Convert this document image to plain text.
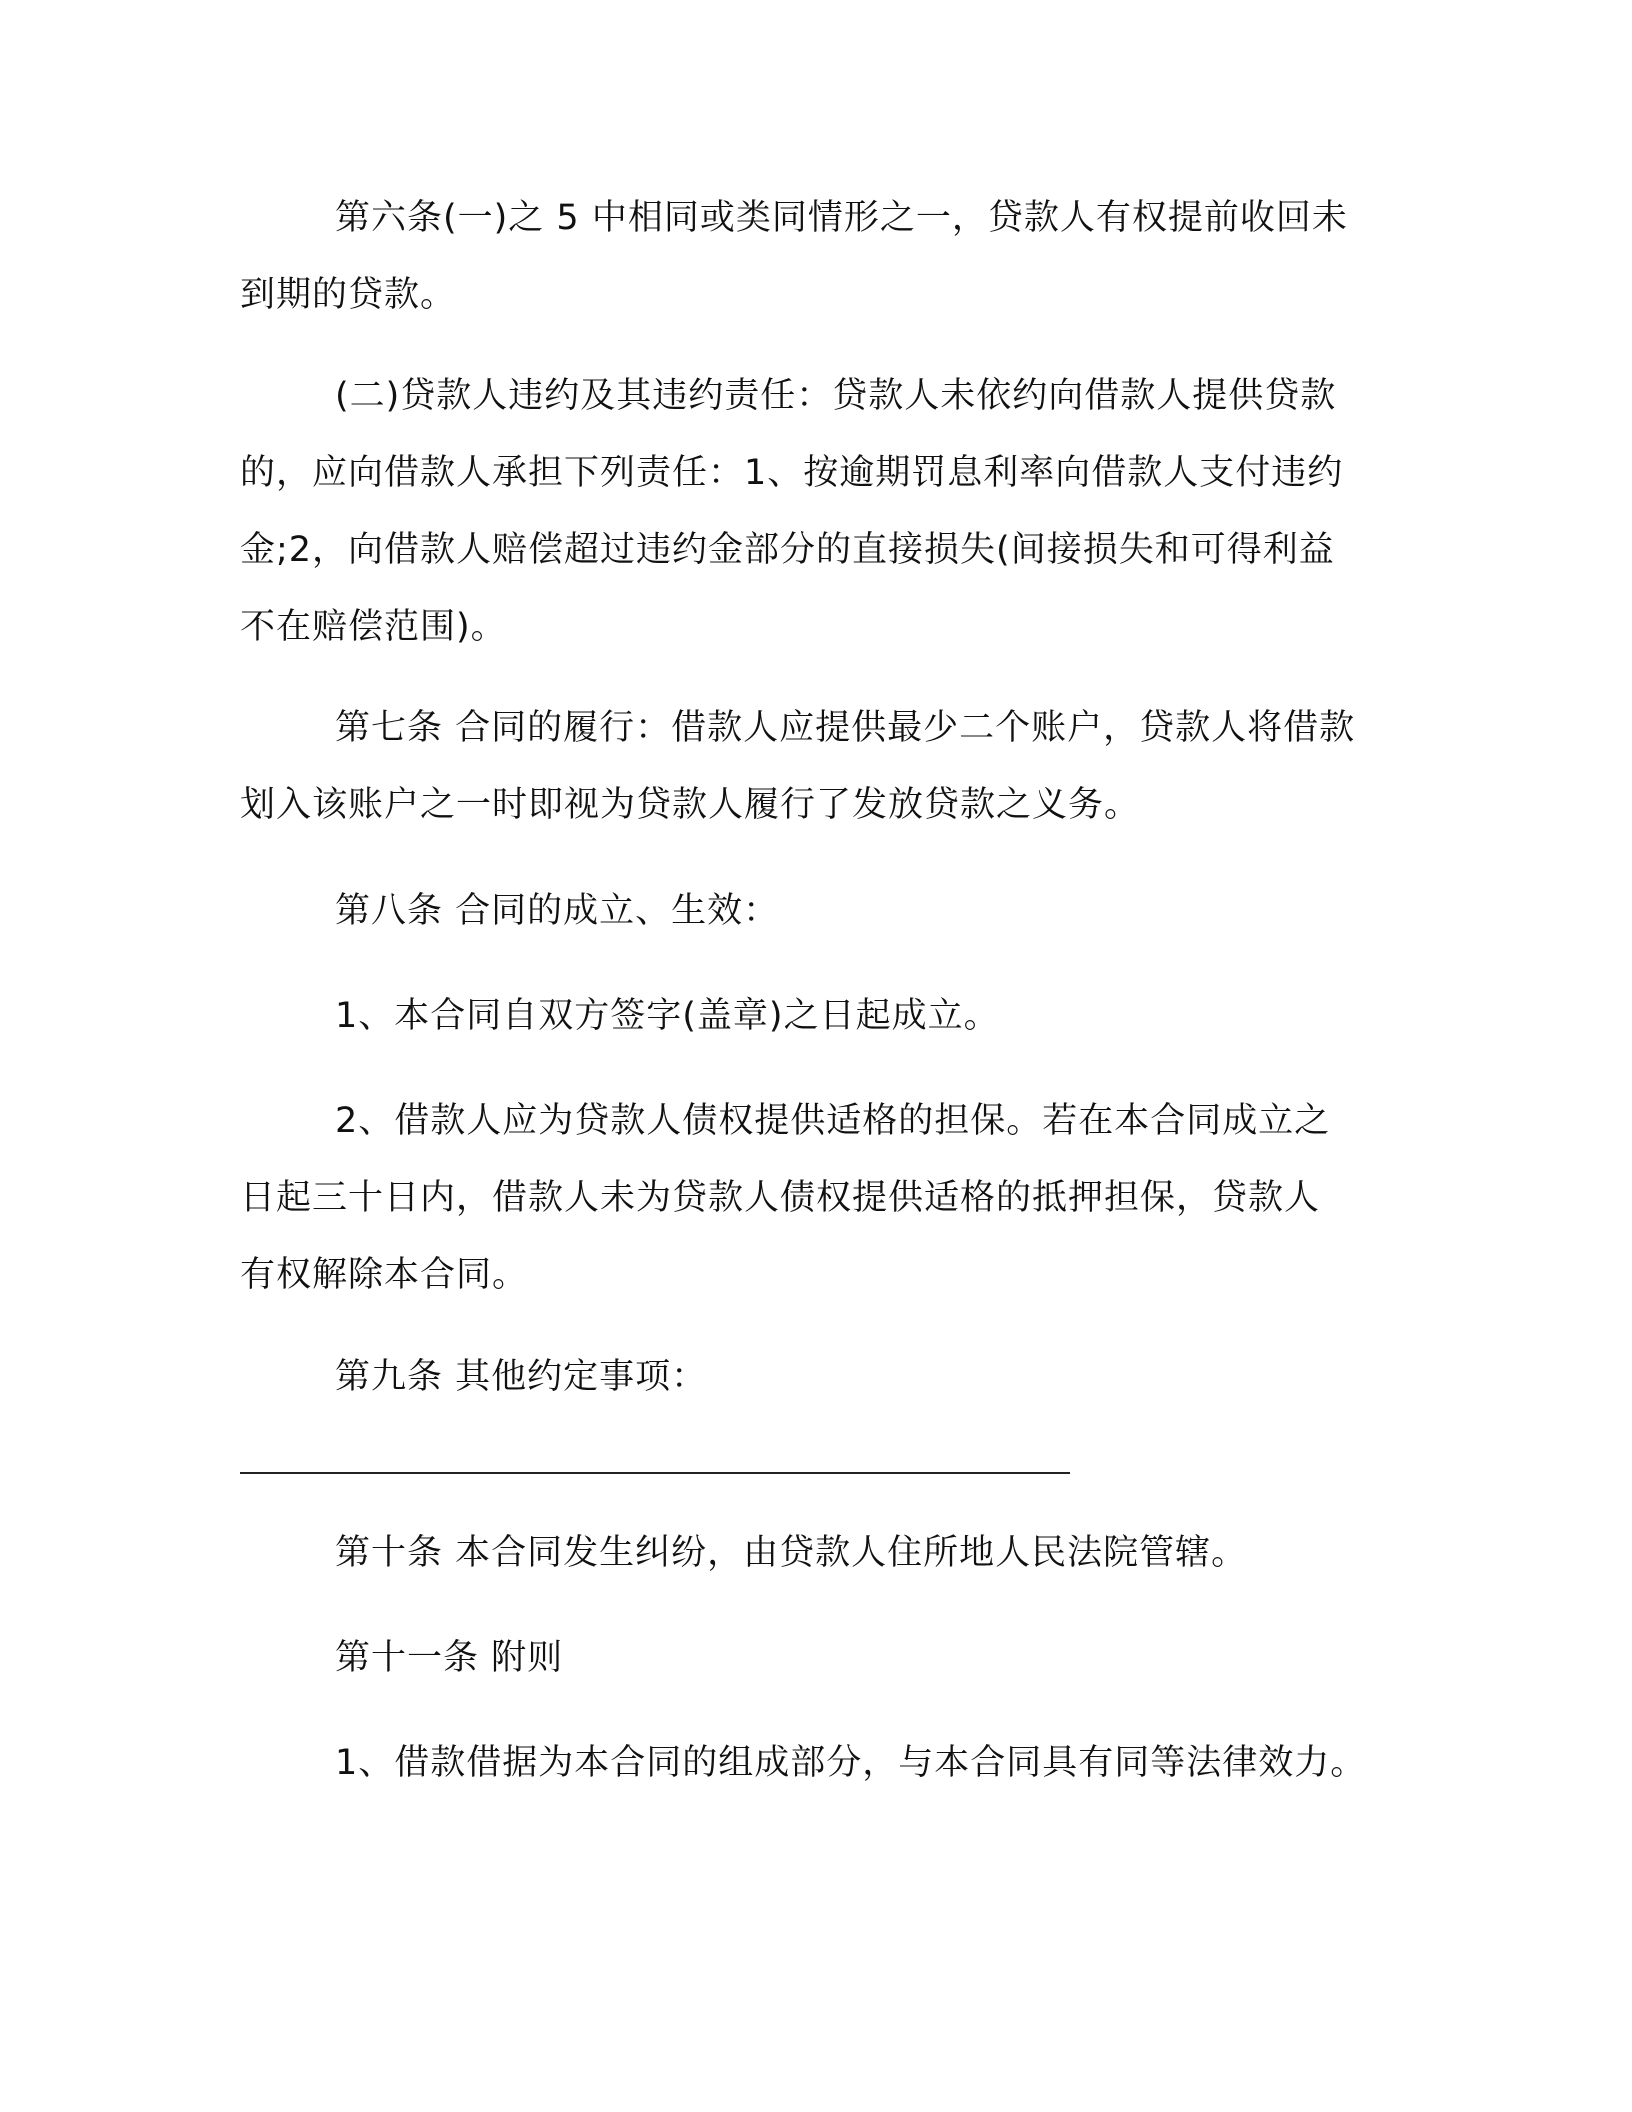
第六条(一)之 5 中相同或类同情形之一，贷款人有权提前收回未
到期的贷款。
(二)贷款人违约及其违约责任：贷款人未依约向借款人提供贷款
的，应向借款人承担下列责任：1、按逾期罚息利率向借款人支付违约
金;2，向借款人赔偿超过违约金部分的直接损失(间接损失和可得利益
不在赔偿范围)。
第七条 合同的履行：借款人应提供最少二个账户，贷款人将借款
划入该账户之一时即视为贷款人履行了发放贷款之义务。
第八条 合同的成立、生效：
1、本合同自双方签字(盖章)之日起成立。
2、借款人应为贷款人债权提供适格的担保。若在本合同成立之
日起三十日内，借款人未为贷款人债权提供适格的抵押担保，贷款人
有权解除本合同。
第九条 其他约定事项：
第十条 本合同发生纠纷，由贷款人住所地人民法院管辖。
第十一条 附则
1、借款借据为本合同的组成部分，与本合同具有同等法律效力。
